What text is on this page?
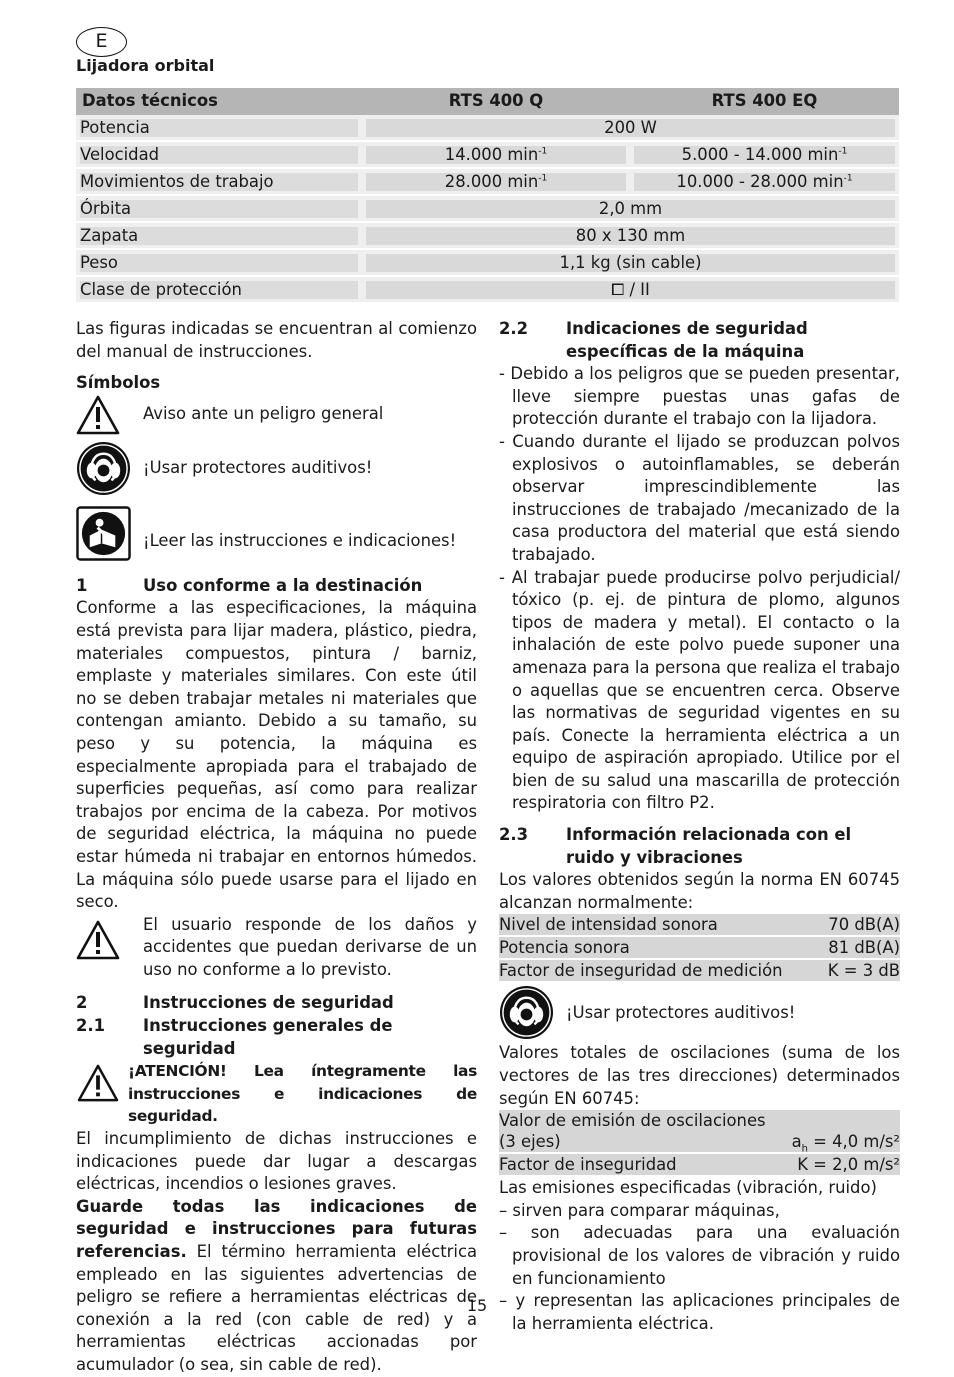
E
Lijadora orbital
Datos técnicos	RTS 400 Q	RTS 400 EQ

Potencia	200 W	

Velocidad	14.000 $\min^{-1}$	5.000 - 14.000 $\min^{-1}$

Movimientos de trabajo	28.000 $\min^{-1}$	10.000 - 28.000 $\min^{-1}$

Órbita	2,0 mm	

Zapata	80 x 130 mm	

Peso	1,1 kg (sin cable)	

Clase de protección	⧠ / II	

Las figuras indicadas se encuentran al comienzo del manual de instrucciones.

Símbolos
Aviso ante un peligro general
¡Usar protectores auditivos!
¡Leer las instrucciones e indicaciones!
1	Uso conforme a la destinación

Conforme a las especificaciones, la máquina está prevista para lijar madera, plástico, piedra, materiales compuestos, pintura / barniz, emplaste y materiales similares. Con este útil no se deben trabajar metales ni materiales que contengan amianto. Debido a su tamaño, su peso y su potencia, la máquina es especialmente apropiada para el trabajado de superficies pequeñas, así como para realizar trabajos por encima de la cabeza. Por motivos de seguridad eléctrica, la máquina no puede estar húmeda ni trabajar en entornos húmedos. La máquina sólo puede usarse para el lijado en seco.

El usuario responde de los daños y accidentes que puedan derivarse de un uso no conforme a lo previsto.

2	Instrucciones de seguridad
2.1	Instrucciones generales de seguridad

¡ATENCIÓN! Lea íntegramente las instrucciones e indicaciones de seguridad.

El incumplimiento de dichas instrucciones e indicaciones puede dar lugar a descargas eléctricas, incendios o lesiones graves.

Guarde todas las indicaciones de seguridad e instrucciones para futuras referencias. El término herramienta eléctrica empleado en las siguientes advertencias de peligro se refiere a herramientas eléctricas de conexión a la red (con cable de red) y a herramientas eléctricas accionadas por acumulador (o sea, sin cable de red).

2.2	Indicaciones de seguridad específicas de la máquina
- Debido a los peligros que se pueden presentar, lleve siempre puestas unas gafas de protección durante el trabajo con la lijadora.
- Cuando durante el lijado se produzcan polvos explosivos o autoinflamables, se deberán observar imprescindiblemente las instrucciones de trabajado /mecanizado de la casa productora del material que está siendo trabajado.
- Al trabajar puede producirse polvo perjudicial/ tóxico (p. ej. de pintura de plomo, algunos tipos de madera y metal). El contacto o la inhalación de este polvo puede suponer una amenaza para la persona que realiza el trabajo o aquellas que se encuentren cerca. Observe las normativas de seguridad vigentes en su país. Conecte la herramienta eléctrica a un equipo de aspiración apropiado. Utilice por el bien de su salud una mascarilla de protección respiratoria con filtro P2.
2.3	Información relacionada con el ruido y vibraciones

Los valores obtenidos según la norma EN 60745 alcanzan normalmente:

Nivel de intensidad sonora	70 dB(A)
Potencia sonora	81 dB(A)
Factor de inseguridad de medición	K = 3 dB
¡Usar protectores auditivos!

Valores totales de oscilaciones (suma de los vectores de las tres direcciones) determinados según EN 60745:

Valor de emisión de oscilaciones
(3 ejes)	$a_h = 4,0$ m/s²
Factor de inseguridad	K = 2,0 m/s²

Las emisiones especificadas (vibración, ruido)

– sirven para comparar máquinas,
– son adecuadas para una evaluación provisional de los valores de vibración y ruido en funcionamiento
– y representan las aplicaciones principales de la herramienta eléctrica.
15
